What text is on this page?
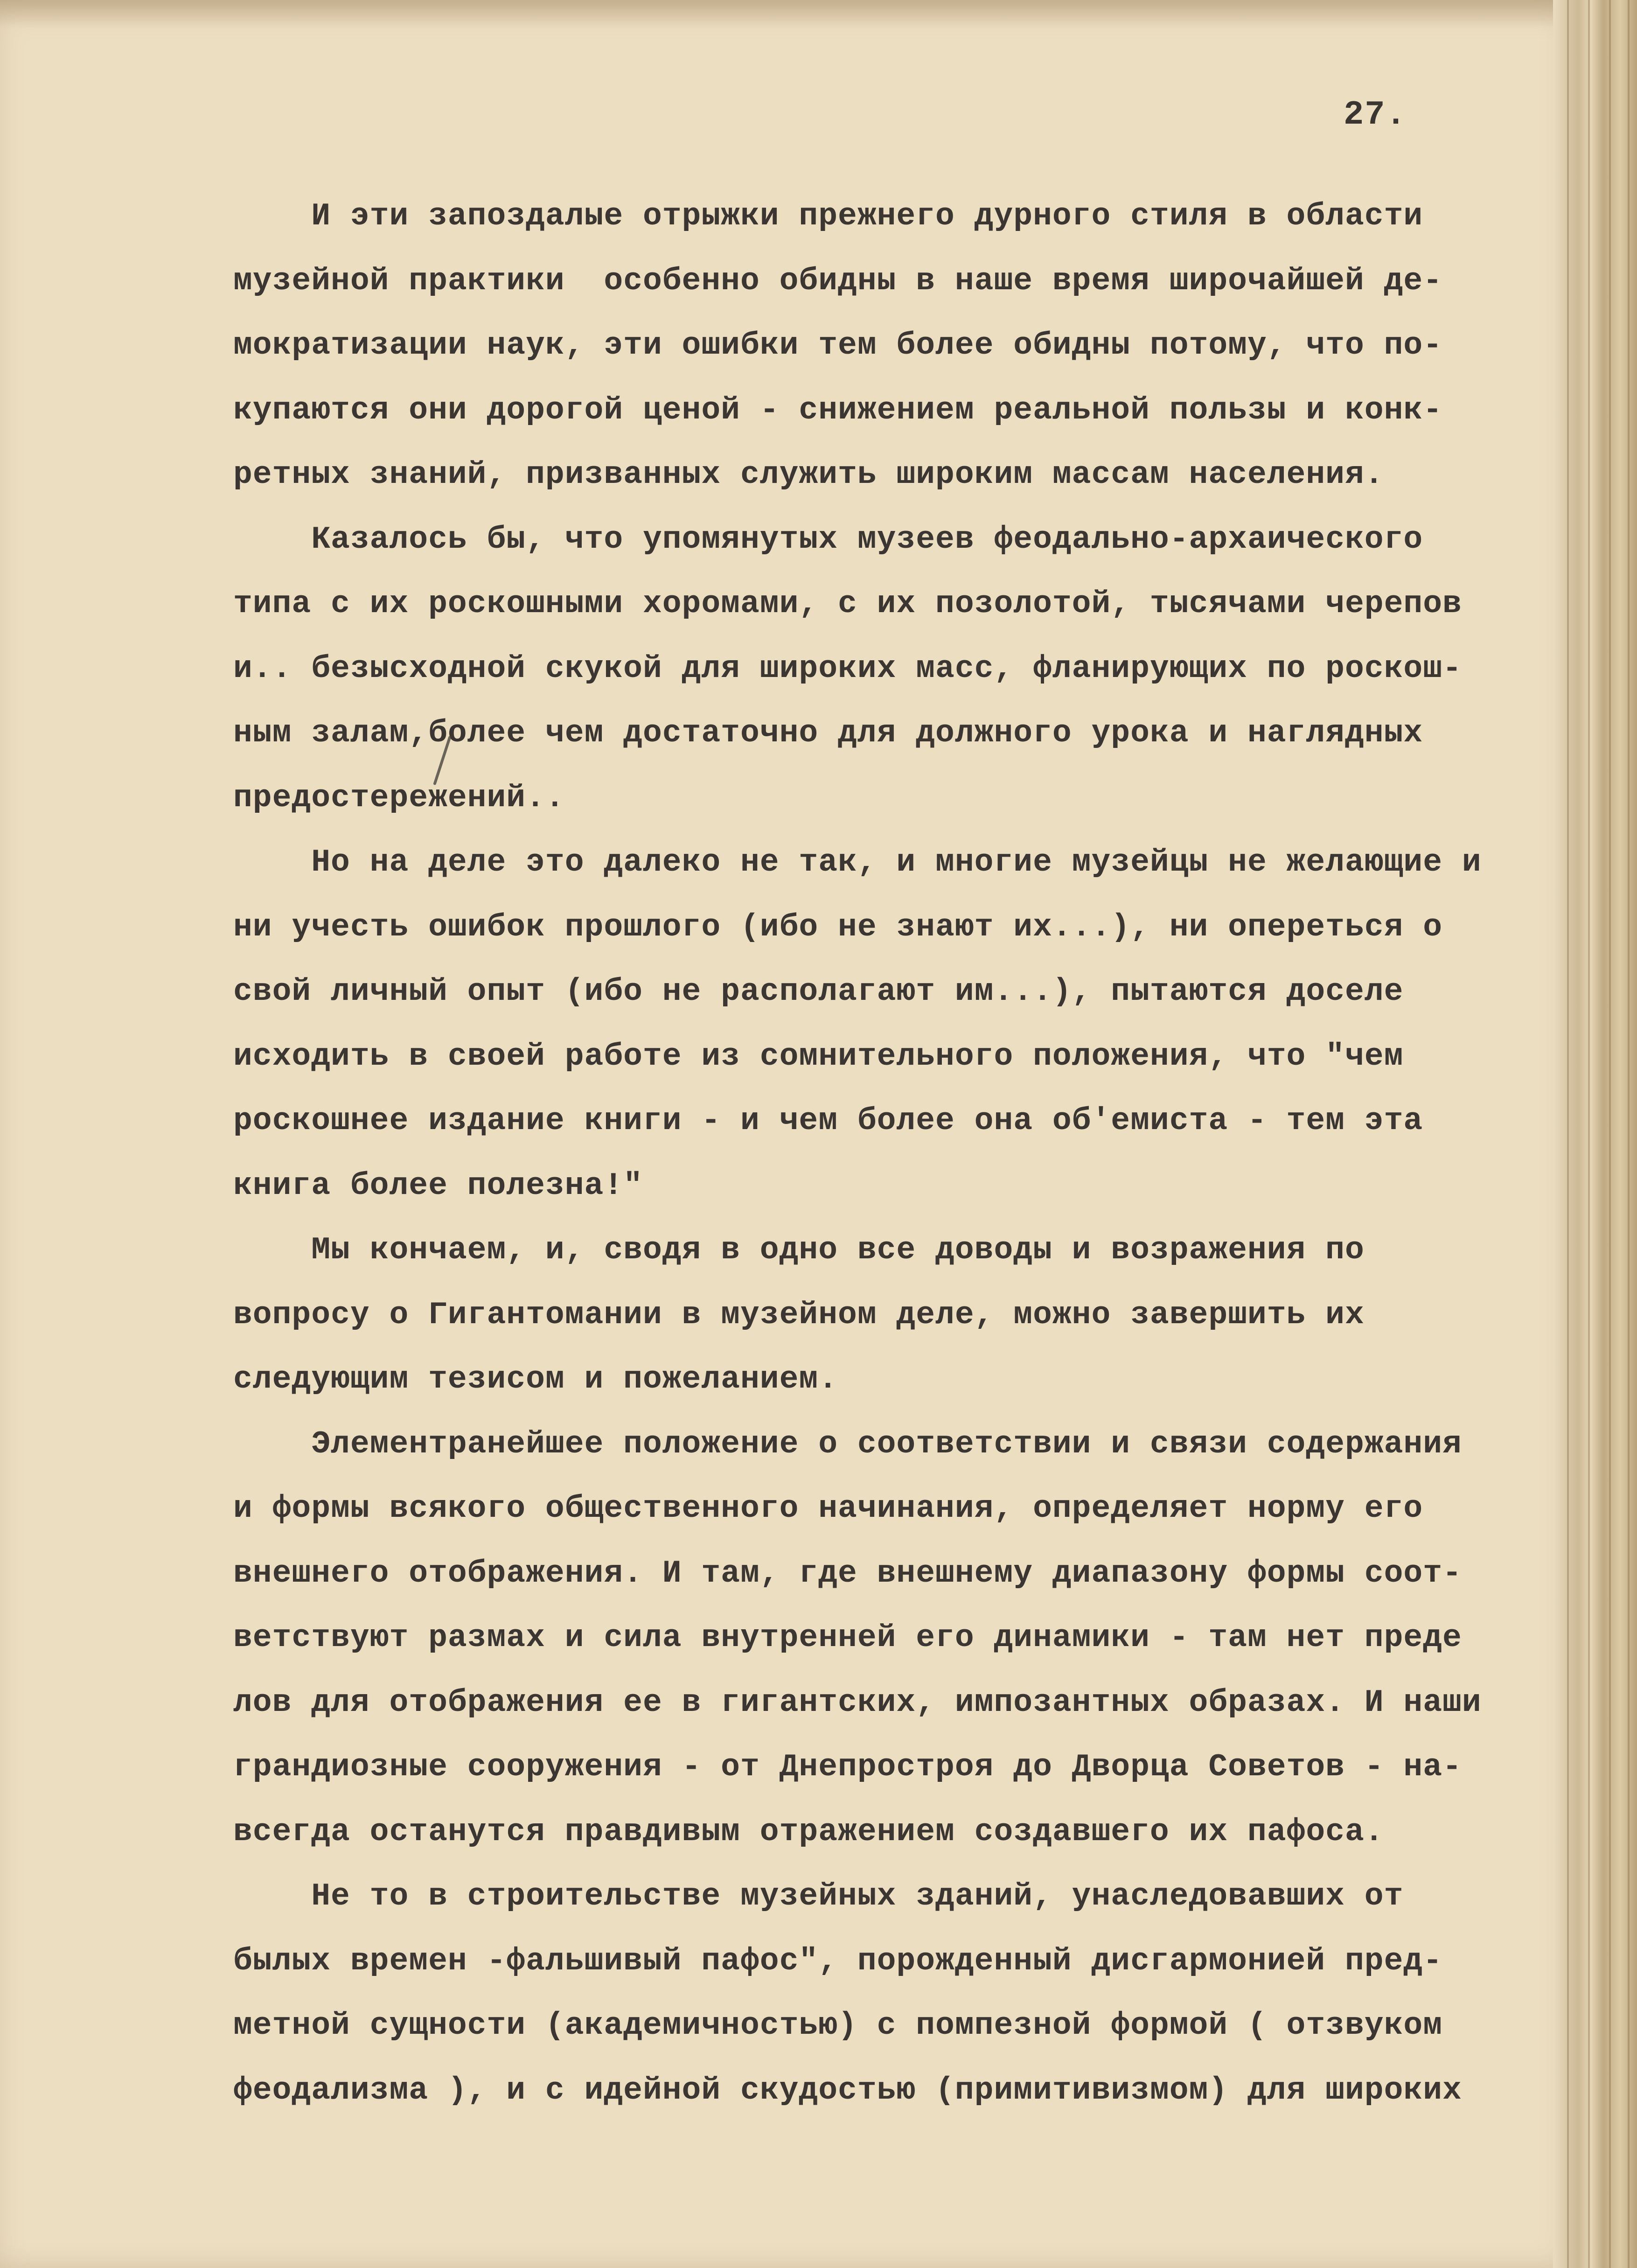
27.
И эти запоздалые отрыжки прежнего дурного стиля в области
музейной практики  особенно обидны в наше время широчайшей де-
мократизации наук, эти ошибки тем более обидны потому, что по-
купаются они дорогой ценой - снижением реальной пользы и конк-
ретных знаний, призванных служить широким массам населения.
Казалось бы, что упомянутых музеев феодально-архаического
типа с их роскошными хоромами, с их позолотой, тысячами черепов
и.. безысходной скукой для широких масс, фланирующих по роскош-
ным залам,более чем достаточно для должного урока и наглядных
предостережений..
Но на деле это далеко не так, и многие музейцы не желающие и
ни учесть ошибок прошлого (ибо не знают их...), ни опереться о
свой личный опыт (ибо не располагают им...), пытаются доселе
исходить в своей работе из сомнительного положения, что "чем
роскошнее издание книги - и чем более она об'емиста - тем эта
книга более полезна!"
Мы кончаем, и, сводя в одно все доводы и возражения по
вопросу о Гигантомании в музейном деле, можно завершить их
следующим тезисом и пожеланием.
Элементранейшее положение о соответствии и связи содержания
и формы всякого общественного начинания, определяет норму его
внешнего отображения. И там, где внешнему диапазону формы соот-
ветствуют размах и сила внутренней его динамики - там нет преде
лов для отображения ее в гигантских, импозантных образах. И наши
грандиозные сооружения - от Днепростроя до Дворца Советов - на-
всегда останутся правдивым отражением создавшего их пафоса.
Не то в строительстве музейных зданий, унаследовавших от
былых времен -фальшивый пафос", порожденный дисгармонией пред-
метной сущности (академичностью) с помпезной формой ( отзвуком
феодализма ), и с идейной скудостью (примитивизмом) для широких
